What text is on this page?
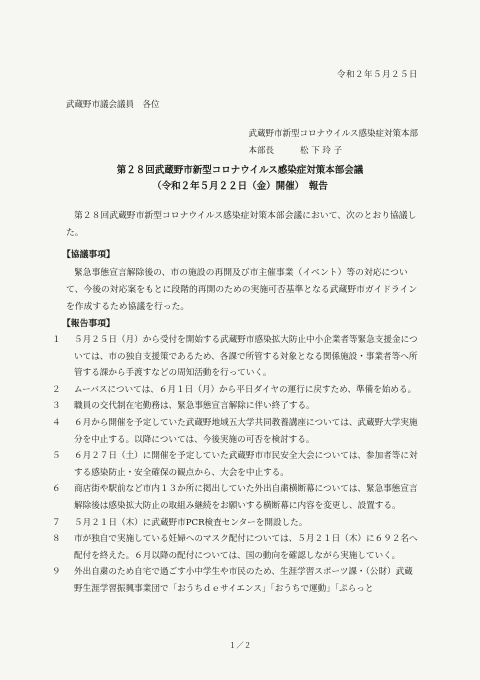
令和２年５月２５日
武蔵野市議会議員　各位
武蔵野市新型コロナウイルス感染症対策本部
本部長	松 下 玲 子
第２８回武蔵野市新型コロナウイルス感染症対策本部会議
（令和２年５月２２日（金）開催）　報告
第２８回武蔵野市新型コロナウイルス感染症対策本部会議において、次のとおり協議した。
【協議事項】
緊急事態宣言解除後の、市の施設の再開及び市主催事業（イベント）等の対応について、今後の対応案をもとに段階的再開のための実施可否基準となる武蔵野市ガイドラインを作成するため協議を行った。
【報告事項】
１	５月２５日（月）から受付を開始する武蔵野市感染拡大防止中小企業者等緊急支援金については、市の独自支援策であるため、各課で所管する対象となる関係施設・事業者等へ所管する課から手渡すなどの周知活動を行っていく。
２	ムーバスについては、６月１日（月）から平日ダイヤの運行に戻すため、準備を始める。
３	職員の交代制在宅勤務は、緊急事態宣言解除に伴い終了する。
４	６月から開催を予定していた武蔵野地域五大学共同教養講座については、武蔵野大学実施分を中止する。以降については、今後実施の可否を検討する。
５	６月２７日（土）に開催を予定していた武蔵野市市民安全大会については、参加者等に対する感染防止・安全確保の観点から、大会を中止する。
６	商店街や駅前など市内１３か所に掲出していた外出自粛横断幕については、緊急事態宣言解除後は感染拡大防止の取組み継続をお願いする横断幕に内容を変更し、設置する。
７	５月２１日（木）に武蔵野市PCR検査センターを開設した。
８	市が独自で実施している妊婦へのマスク配付については、５月２１日（木）に６９２名へ配付を終えた。６月以降の配付については、国の動向を確認しながら実施していく。
９	外出自粛のため自宅で過ごす小中学生や市民のため、生涯学習スポーツ課・（公財）武蔵野生涯学習振興事業団で「おうちｄｅサイエンス」「おうちで運動」「ぷらっと
１／２
